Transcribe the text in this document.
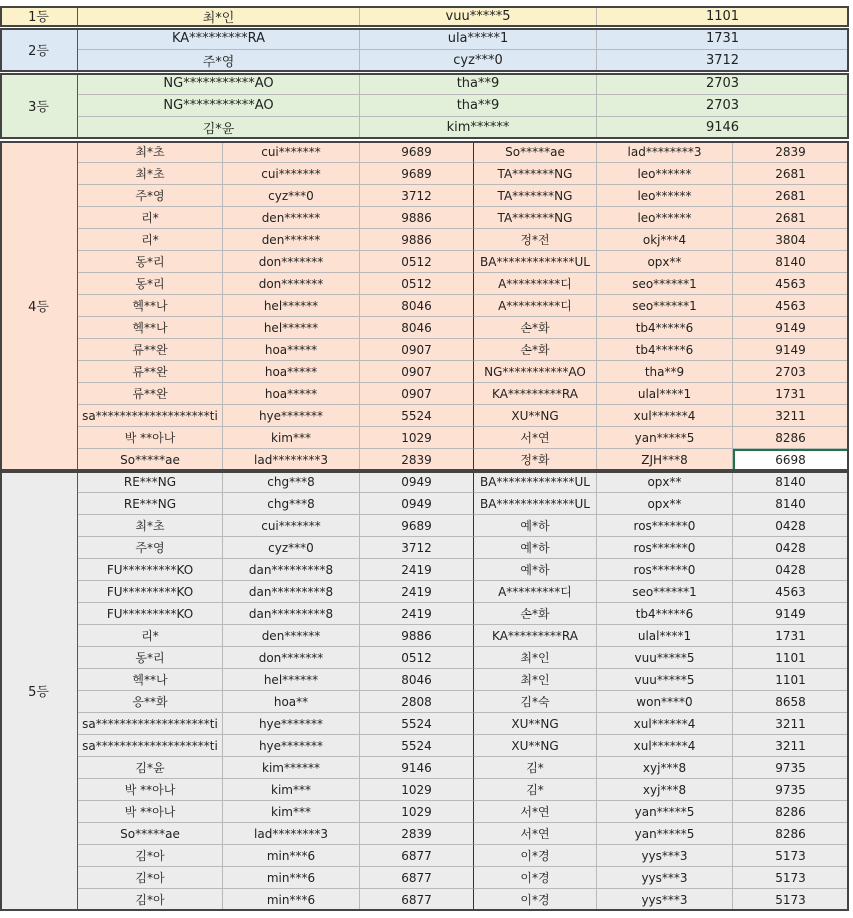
1등	최*인	vuu*****5	1101
2등
KA*********RA	ula*****1	1731
주*영	cyz***0	3712
3등
NG***********AO	tha**9	2703
NG***********AO	tha**9	2703
김*윤	kim******	9146
4등
최*초	cui*******	9689	So*****ae	lad********3	2839
최*초	cui*******	9689	TA*******NG	leo******	2681
주*영	cyz***0	3712	TA*******NG	leo******	2681
리*	den******	9886	TA*******NG	leo******	2681
리*	den******	9886	정*전	okj***4	3804
동*리	don*******	0512	BA*************UL	opx**	8140
동*리	don*******	0512	A*********디	seo******1	4563
헥**나	hel******	8046	A*********디	seo******1	4563
헥**나	hel******	8046	손*화	tb4*****6	9149
류**완	hoa*****	0907	손*화	tb4*****6	9149
류**완	hoa*****	0907	NG***********AO	tha**9	2703
류**완	hoa*****	0907	KA*********RA	ulal****1	1731
sa*******************ti	hye*******	5524	XU**NG	xul******4	3211
박 **아나	kim***	1029	서*연	yan*****5	8286
So*****ae	lad********3	2839	정*화	ZJH***8	6698
5등
RE***NG	chg***8	0949	BA*************UL	opx**	8140
RE***NG	chg***8	0949	BA*************UL	opx**	8140
최*초	cui*******	9689	예*하	ros******0	0428
주*영	cyz***0	3712	예*하	ros******0	0428
FU*********KO	dan*********8	2419	예*하	ros******0	0428
FU*********KO	dan*********8	2419	A*********디	seo******1	4563
FU*********KO	dan*********8	2419	손*화	tb4*****6	9149
리*	den******	9886	KA*********RA	ulal****1	1731
동*리	don*******	0512	최*인	vuu*****5	1101
헥**나	hel******	8046	최*인	vuu*****5	1101
응**화	hoa**	2808	김*숙	won****0	8658
sa*******************ti	hye*******	5524	XU**NG	xul******4	3211
sa*******************ti	hye*******	5524	XU**NG	xul******4	3211
김*윤	kim******	9146	김*	xyj***8	9735
박 **아나	kim***	1029	김*	xyj***8	9735
박 **아나	kim***	1029	서*연	yan*****5	8286
So*****ae	lad********3	2839	서*연	yan*****5	8286
김*아	min***6	6877	이*경	yys***3	5173
김*아	min***6	6877	이*경	yys***3	5173
김*아	min***6	6877	이*경	yys***3	5173
